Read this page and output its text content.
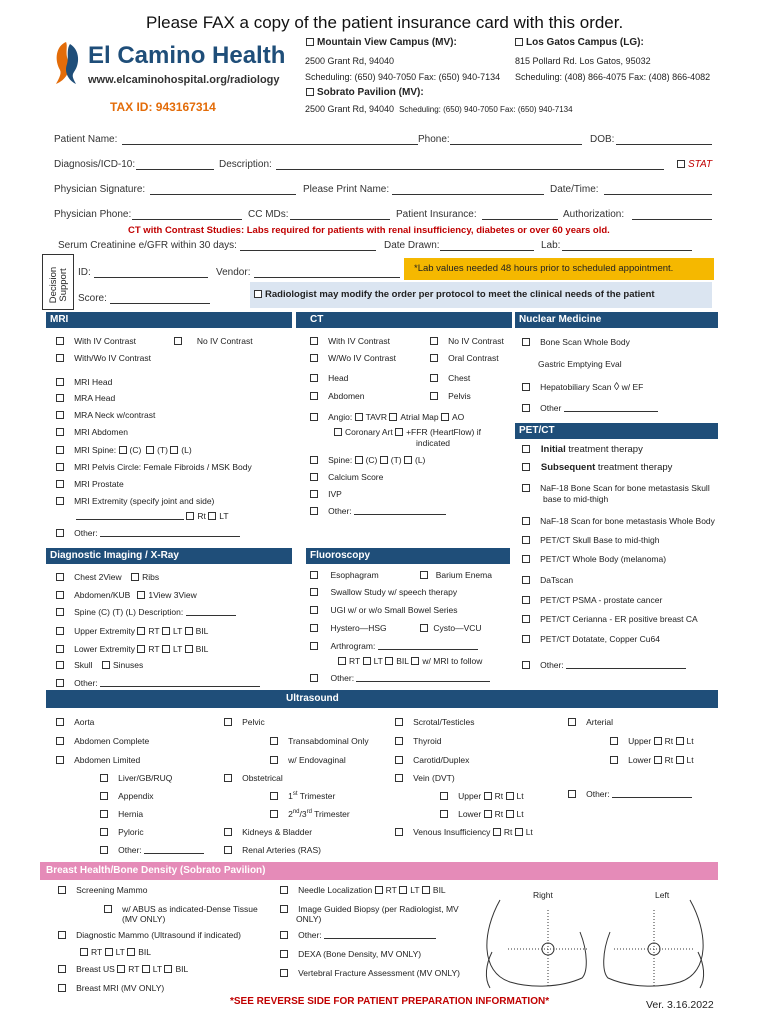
Please FAX a copy of the patient insurance card with this order.
El Camino Health
www.elcaminohospital.org/radiology
TAX ID: 943167314
Mountain View Campus (MV):
2500 Grant Rd, 94040
Scheduling: (650) 940-7050 Fax: (650) 940-7134
Los Gatos Campus (LG):
815 Pollard Rd. Los Gatos, 95032
Scheduling: (408) 866-4075 Fax: (408) 866-4082
Sobrato Pavilion (MV):
2500 Grant Rd, 94040 Scheduling: (650) 940-7050 Fax: (650) 940-7134
Patient Name:	Phone:	DOB:
Diagnosis/ICD-10:	Description:	STAT
Physician Signature:	Please Print Name:	Date/Time:
Physician Phone:	CC MDs:	Patient Insurance:	Authorization:
CT with Contrast Studies: Labs required for patients with renal insufficiency, diabetes or over 60 years old.
Serum Creatinine e/GFR within 30 days:	Date Drawn:	Lab:
Decision Support ID:	Vendor:
Score:
*Lab values needed 48 hours prior to scheduled appointment.
Radiologist may modify the order per protocol to meet the clinical needs of the patient
MRI	CT	Nuclear Medicine
With IV Contrast	No IV Contrast
With/Wo IV Contrast
MRI Head
MRA Head
MRA Neck w/contrast
MRI Abdomen
MRI Spine: (C) (T) (L)
MRI Pelvis Circle: Female Fibroids / MSK Body
MRI Prostate
MRI Extremity (specify joint and side)
Rt LT
Other:
With IV Contrast	No IV Contrast
W/Wo IV Contrast	Oral Contrast
Head	Chest
Abdomen	Pelvis
Angio: TAVR Atrial Map AO
Coronary Art +FFR (HeartFlow) if
indicated
Spine: (C) (T) (L)
Calcium Score
IVP
Other:
Bone Scan Whole Body
Gastric Emptying Eval
Hepatobiliary Scan ◊ w/ EF
Other
PET/CT
Initial treatment therapy
Subsequent treatment therapy
NaF-18 Bone Scan for bone metastasis Skull
base to mid-thigh
NaF-18 Scan for bone metastasis Whole Body
PET/CT Skull Base to mid-thigh
PET/CT Whole Body (melanoma)
DaTscan
PET/CT PSMA - prostate cancer
PET/CT Cerianna - ER positive breast CA
PET/CT Dotatate, Copper Cu64
Other:
Diagnostic Imaging / X-Ray
Chest 2View Ribs
Abdomen/KUB 1View 3View
Spine (C) (T) (L) Description:
Upper Extremity RT LT BIL
Lower Extremity RT LT BIL
Skull Sinuses
Other:
Fluoroscopy
Esophagram	Barium Enema
Swallow Study w/ speech therapy
UGI w/ or w/o Small Bowel Series
Hystero—HSG	Cysto—VCU
Arthrogram:
RT LT BIL w/ MRI to follow
Other:
Ultrasound
Aorta	Pelvic	Scrotal/Testicles	Arterial
Abdomen Complete	Transabdominal Only	Thyroid	Upper Rt Lt
Abdomen Limited	w/ Endovaginal	Carotid/Duplex	Lower Rt Lt
Liver/GB/RUQ	Obstetrical	Vein (DVT)
Appendix	1st Trimester	Upper Rt Lt	Other:
Hernia	2nd/3rd Trimester	Lower Rt Lt
Pyloric	Kidneys & Bladder	Venous Insufficiency Rt Lt
Other:	Renal Arteries (RAS)
Breast Health/Bone Density (Sobrato Pavilion)
Screening Mammo
w/ ABUS as indicated-Dense Tissue
(MV ONLY)
Diagnostic Mammo (Ultrasound if indicated)
RT LT BIL
Breast US RT LT BIL
Breast MRI (MV ONLY)
Needle Localization RT LT BIL
Image Guided Biopsy (per Radiologist, MV
ONLY)
Other:
DEXA (Bone Density, MV ONLY)
Vertebral Fracture Assessment (MV ONLY)
Right	Left
*SEE REVERSE SIDE FOR PATIENT PREPARATION INFORMATION*	Ver. 3.16.2022
